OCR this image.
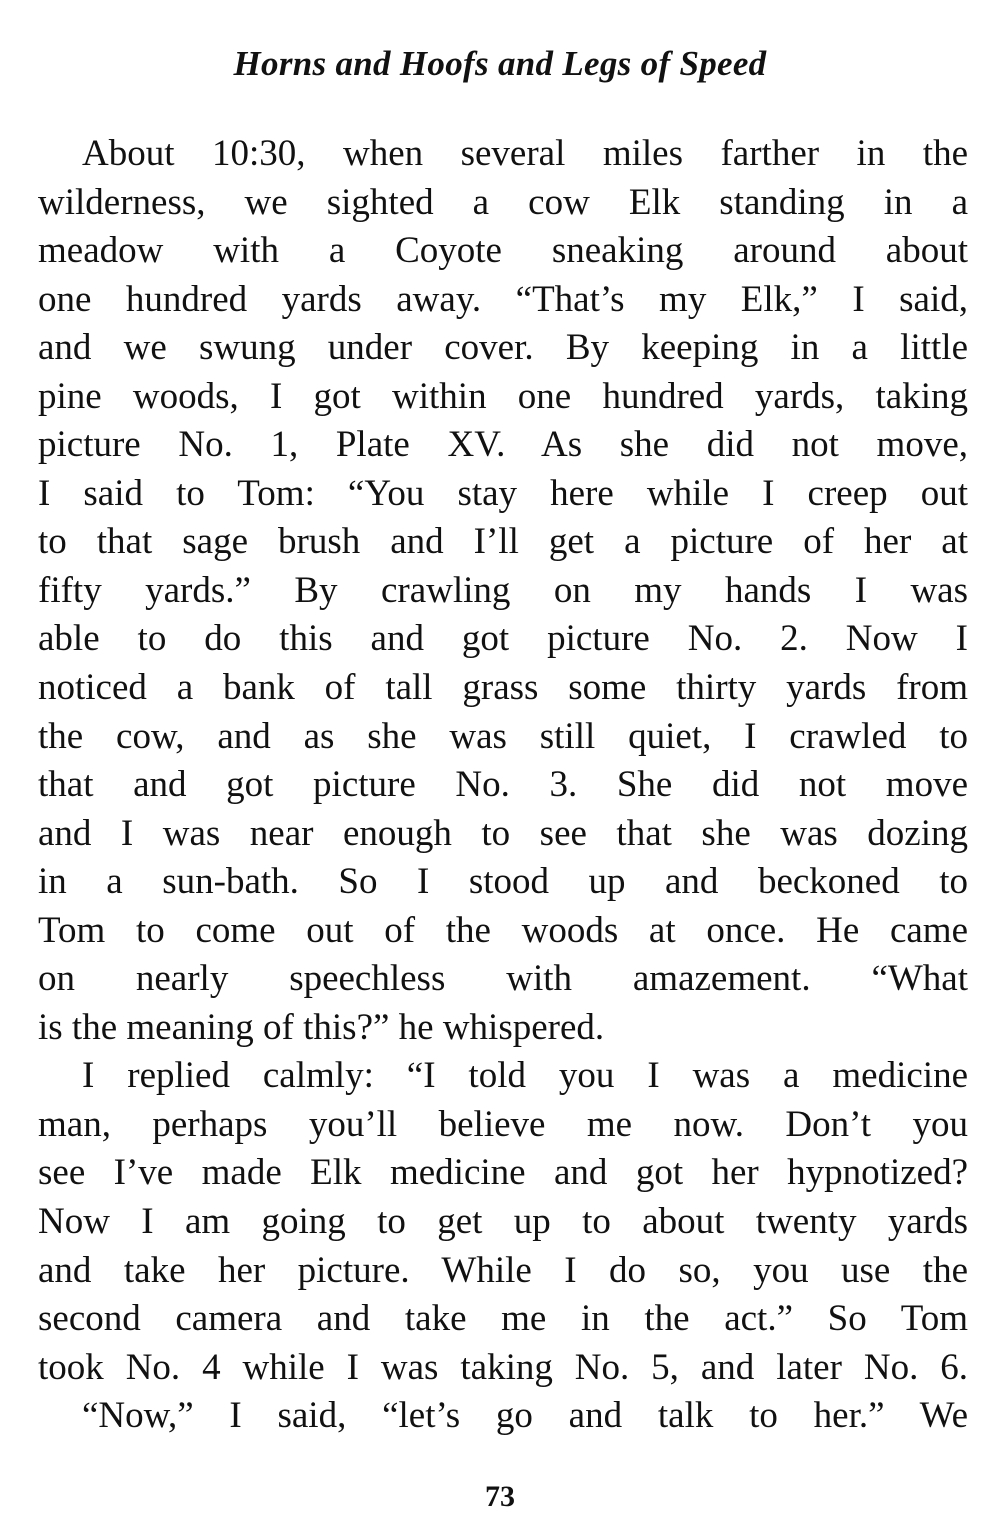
Horns and Hoofs and Legs of Speed
About 10:30, when several miles farther in the
wilderness, we sighted a cow Elk standing in a
meadow with a Coyote sneaking around about
one hundred yards away. “That’s my Elk,” I said,
and we swung under cover. By keeping in a little
pine woods, I got within one hundred yards, taking
picture No. 1, Plate XV. As she did not move,
I said to Tom: “You stay here while I creep out
to that sage brush and I’ll get a picture of her at
fifty yards.” By crawling on my hands I was
able to do this and got picture No. 2. Now I
noticed a bank of tall grass some thirty yards from
the cow, and as she was still quiet, I crawled to
that and got picture No. 3. She did not move
and I was near enough to see that she was dozing
in a sun-bath. So I stood up and beckoned to
Tom to come out of the woods at once. He came
on nearly speechless with amazement. “What
is the meaning of this?” he whispered.
I replied calmly: “I told you I was a medicine
man, perhaps you’ll believe me now. Don’t you
see I’ve made Elk medicine and got her hypnotized?
Now I am going to get up to about twenty yards
and take her picture. While I do so, you use the
second camera and take me in the act.” So Tom
took No. 4 while I was taking No. 5, and later No. 6.
“Now,” I said, “let’s go and talk to her.” We
73
